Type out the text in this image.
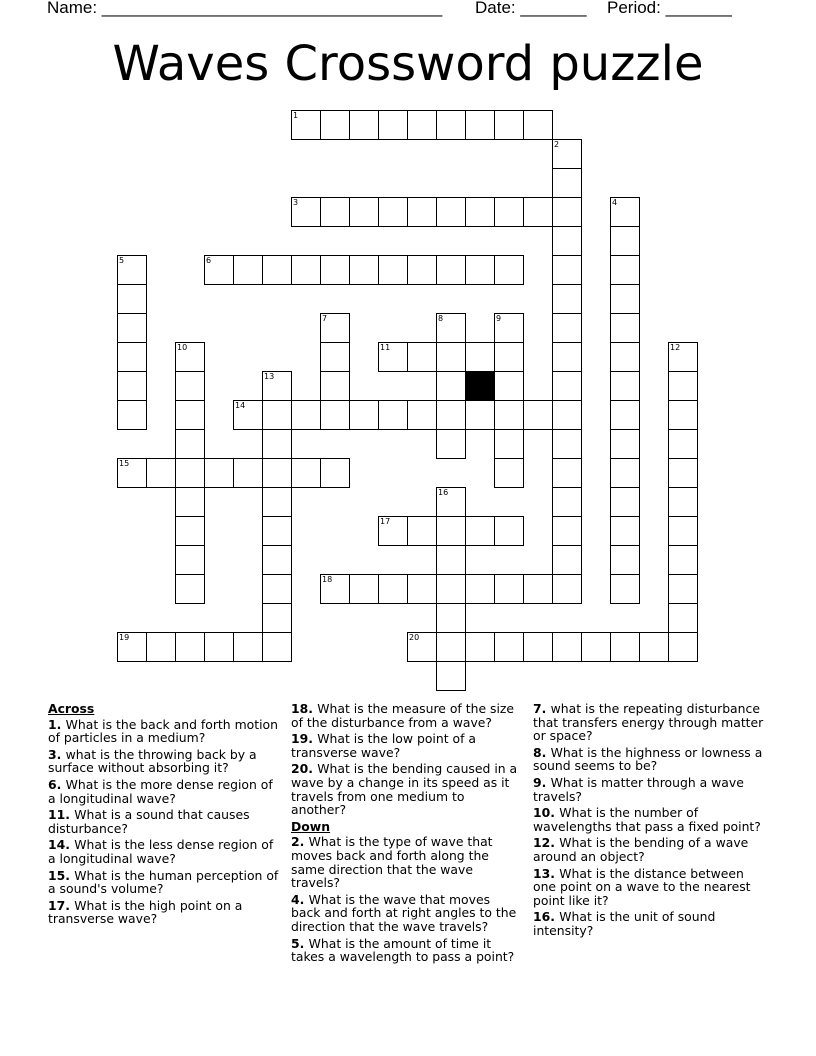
Name: ____________________________________ Date: _______ Period: _______
Waves Crossword puzzle
1
2
3	4
5	6
7	8	9
10	11	12
13
14
15
16
17
18
19	20
Across
1. What is the back and forth motion of particles in a medium?
3. what is the throwing back by a surface without absorbing it?
6. What is the more dense region of a longitudinal wave?
11. What is a sound that causes disturbance?
14. What is the less dense region of a longitudinal wave?
15. What is the human perception of a sound's volume?
17. What is the high point on a transverse wave?
18. What is the measure of the size of the disturbance from a wave?
19. What is the low point of a transverse wave?
20. What is the bending caused in a wave by a change in its speed as it travels from one medium to another?
Down
2. What is the type of wave that moves back and forth along the same direction that the wave travels?
4. What is the wave that moves back and forth at right angles to the direction that the wave travels?
5. What is the amount of time it takes a wavelength to pass a point?
7. what is the repeating disturbance that transfers energy through matter or space?
8. What is the highness or lowness a sound seems to be?
9. What is matter through a wave travels?
10. What is the number of wavelengths that pass a fixed point?
12. What is the bending of a wave around an object?
13. What is the distance between one point on a wave to the nearest point like it?
16. What is the unit of sound intensity?
